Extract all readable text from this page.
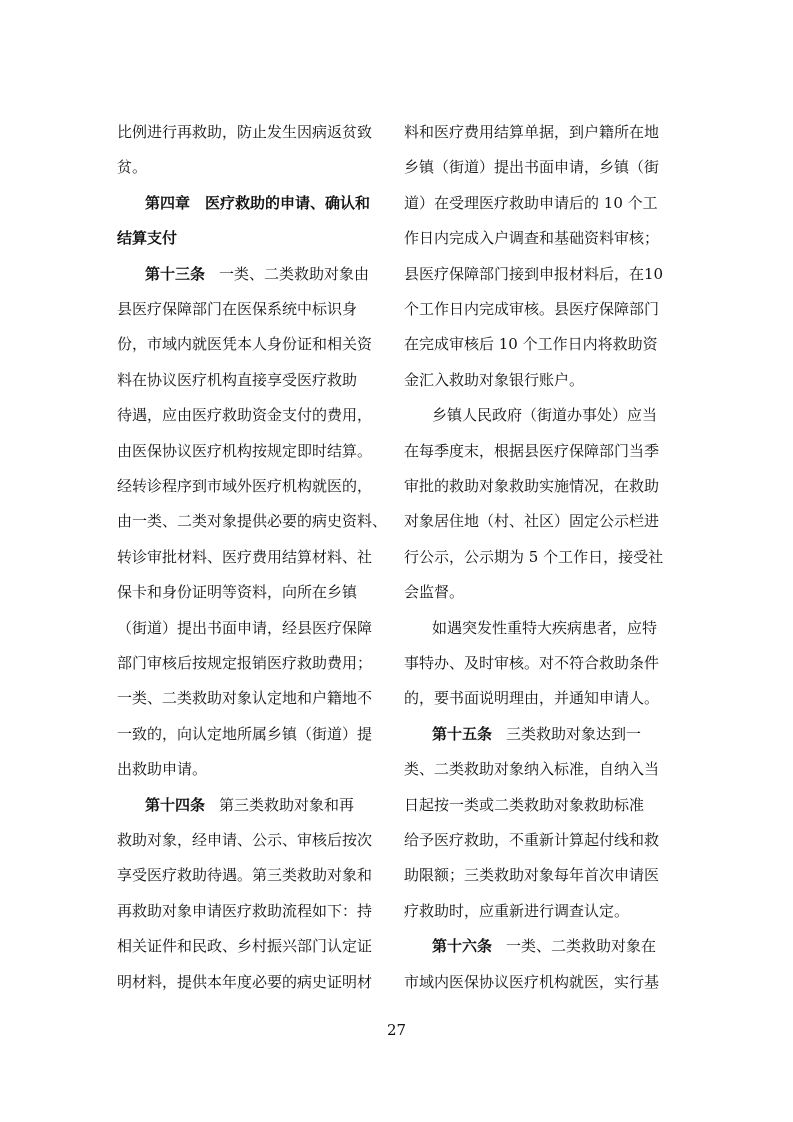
比例进行再救助，防止发生因病返贫致
贫。
第四章　医疗救助的申请、确认和
结算支付
第十三条 一类、二类救助对象由
县医疗保障部门在医保系统中标识身
份，市域内就医凭本人身份证和相关资
料在协议医疗机构直接享受医疗救助
待遇，应由医疗救助资金支付的费用，
由医保协议医疗机构按规定即时结算。
经转诊程序到市域外医疗机构就医的，
由一类、二类对象提供必要的病史资料、
转诊审批材料、医疗费用结算材料、社
保卡和身份证明等资料，向所在乡镇
（街道）提出书面申请，经县医疗保障
部门审核后按规定报销医疗救助费用；
一类、二类救助对象认定地和户籍地不
一致的，向认定地所属乡镇（街道）提
出救助申请。
第十四条 第三类救助对象和再
救助对象，经申请、公示、审核后按次
享受医疗救助待遇。第三类救助对象和
再救助对象申请医疗救助流程如下：持
相关证件和民政、乡村振兴部门认定证
明材料，提供本年度必要的病史证明材
料和医疗费用结算单据，到户籍所在地
乡镇（街道）提出书面申请，乡镇（街
道）在受理医疗救助申请后的 10 个工
作日内完成入户调查和基础资料审核；
县医疗保障部门接到申报材料后，在10
个工作日内完成审核。县医疗保障部门
在完成审核后 10 个工作日内将救助资
金汇入救助对象银行账户。
乡镇人民政府（街道办事处）应当
在每季度末，根据县医疗保障部门当季
审批的救助对象救助实施情况，在救助
对象居住地（村、社区）固定公示栏进
行公示，公示期为 5 个工作日，接受社
会监督。
如遇突发性重特大疾病患者，应特
事特办、及时审核。对不符合救助条件
的，要书面说明理由，并通知申请人。
第十五条 三类救助对象达到一
类、二类救助对象纳入标准，自纳入当
日起按一类或二类救助对象救助标准
给予医疗救助，不重新计算起付线和救
助限额；三类救助对象每年首次申请医
疗救助时，应重新进行调查认定。
第十六条 一类、二类救助对象在
市域内医保协议医疗机构就医，实行基
27
